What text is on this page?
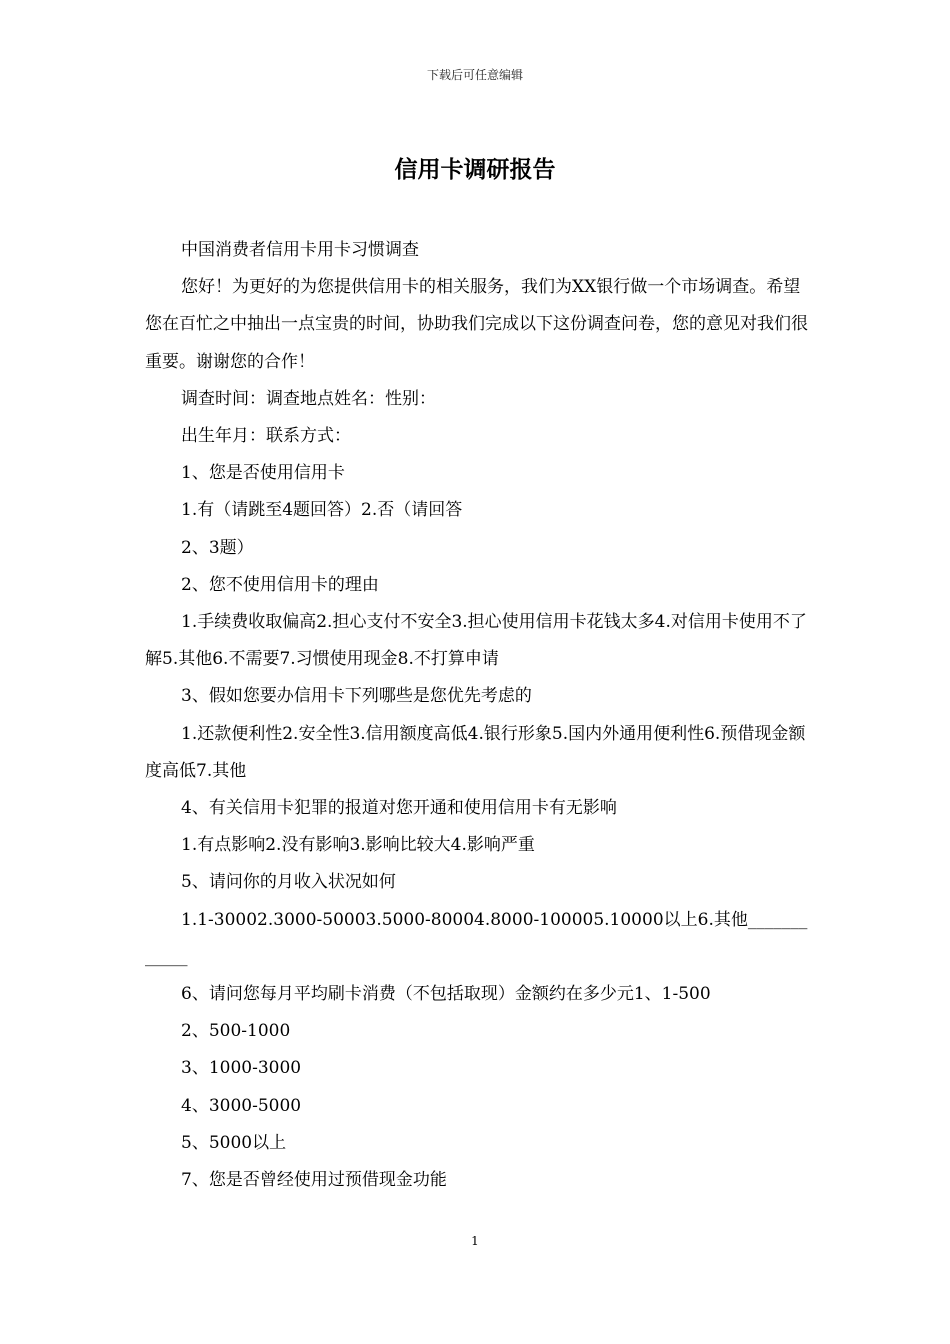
下载后可任意编辑
信用卡调研报告

中国消费者信用卡用卡习惯调查

您好！为更好的为您提供信用卡的相关服务，我们为XX银行做一个市场调查。希望您在百忙之中抽出一点宝贵的时间，协助我们完成以下这份调查问卷，您的意见对我们很重要。谢谢您的合作！

调查时间：调查地点姓名：性别：

出生年月：联系方式：

1、您是否使用信用卡

1.有（请跳至4题回答）2.否（请回答

2、3题）

2、您不使用信用卡的理由

1.手续费收取偏高2.担心支付不安全3.担心使用信用卡花钱太多4.对信用卡使用不了解5.其他6.不需要7.习惯使用现金8.不打算申请

3、假如您要办信用卡下列哪些是您优先考虑的

1.还款便利性2.安全性3.信用额度高低4.银行形象5.国内外通用便利性6.预借现金额度高低7.其他

4、有关信用卡犯罪的报道对您开通和使用信用卡有无影响

1.有点影响2.没有影响3.影响比较大4.影响严重

5、请问你的月收入状况如何

1.1-30002.3000-50003.5000-80004.8000-100005.10000以上6.其他____________

6、请问您每月平均刷卡消费（不包括取现）金额约在多少元1、1-500

2、500-1000

3、1000-3000

4、3000-5000

5、5000以上

7、您是否曾经使用过预借现金功能

1
